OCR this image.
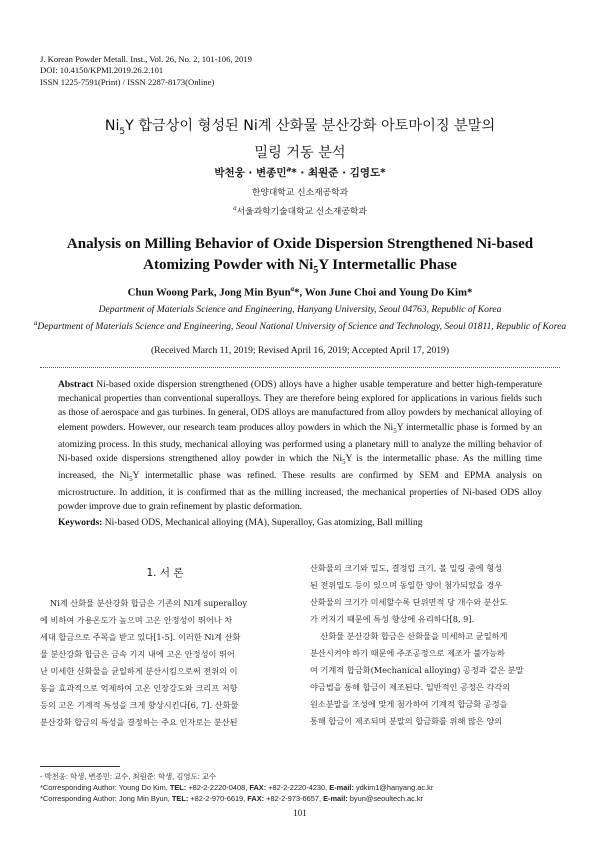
J. Korean Powder Metall. Inst., Vol. 26, No. 2, 101-106, 2019
DOI: 10.4150/KPMI.2019.26.2.101
ISSN 1225-7591(Print) / ISSN 2287-8173(Online)
$Ni_5Y$ 합금상이 형성된 Ni계 산화물 분산강화 아토마이징 분말의
밀링 거동 분석
박천웅 · 변종민$^a$* · 최원준 · 김영도*
한양대학교 신소재공학과
$^a$서울과학기술대학교 신소재공학과
Analysis on Milling Behavior of Oxide Dispersion Strengthened Ni-based
Atomizing Powder with $Ni_5Y$ Intermetallic Phase
Chun Woong Park, Jong Min Byun$^a$*, Won June Choi and Young Do Kim*
Department of Materials Science and Engineering, Hanyang University, Seoul 04763, Republic of Korea
$^a$Department of Materials Science and Engineering, Seoul National University of Science and Technology, Seoul 01811, Republic of Korea
(Received March 11, 2019; Revised April 16, 2019; Accepted April 17, 2019)
Abstract Ni-based oxide dispersion strengthened (ODS) alloys have a higher usable temperature and better high-temperature mechanical properties than conventional superalloys. They are therefore being explored for applications in various fields such as those of aerospace and gas turbines. In general, ODS alloys are manufactured from alloy powders by mechanical alloying of element powders. However, our research team produces alloy powders in which the $Ni_5Y$ intermetallic phase is formed by an atomizing process. In this study, mechanical alloying was performed using a planetary mill to analyze the milling behavior of Ni-based oxide dispersions strengthened alloy powder in which the $Ni_5Y$ is the intermetallic phase. As the milling time increased, the $Ni_5Y$ intermetallic phase was refined. These results are confirmed by SEM and EPMA analysis on microstructure. In addition, it is confirmed that as the milling increased, the mechanical properties of Ni-based ODS alloy powder improve due to grain refinement by plastic deformation.
Keywords: Ni-based ODS, Mechanical alloying (MA), Superalloy, Gas atomizing, Ball milling
1. 서 론
Ni계 산화물 분산강화 합금은 기존의 Ni계 superalloy
에 비하여 가용온도가 높으며 고온 안정성이 뛰어나 차
세대 합금으로 주목을 받고 있다[1-5]. 이러한 Ni계 산화
물 분산강화 합금은 금속 기지 내에 고온 안정성이 뛰어
난 미세한 산화물을 균일하게 분산시킴으로써 전위의 이
동을 효과적으로 억제하여 고온 인장강도와 크리프 저항
등의 고온 기계적 특성을 크게 향상시킨다[6, 7]. 산화물
분산강화 합금의 특성을 결정하는 주요 인자로는 분산된
산화물의 크기와 밀도, 결정립 크기, 볼 밀링 중에 형성
된 전위밀도 등이 있으며 동일한 양이 첨가되었을 경우
산화물의 크기가 미세할수록 단위면적 당 개수와 분산도
가 커지기 때문에 특성 향상에 유리하다[8, 9].
산화물 분산강화 합금은 산화물을 미세하고 균일하게
분산시켜야 하기 때문에 주조공정으로 제조가 불가능하
여 기계적 합금화(Mechanical alloying) 공정과 같은 분말
야금법을 통해 합금이 제조된다. 일반적인 공정은 각각의
원소분말을 조성에 맞게 첨가하여 기계적 합금화 공정을
통해 합금이 제조되며 분말의 합금화를 위해 많은 양의
- 박천웅: 학생, 변종민: 교수, 최원준: 학생, 김영도: 교수
*Corresponding Author: Young Do Kim, TEL: +82-2-2220-0408, FAX: +82-2-2220-4230, E-mail: ydkim1@hanyang.ac.kr
*Corresponding Author: Jong Min Byun, TEL: +82-2-970-6619, FAX: +82-2-973-6657, E-mail: byun@seoultech.ac.kr
101
